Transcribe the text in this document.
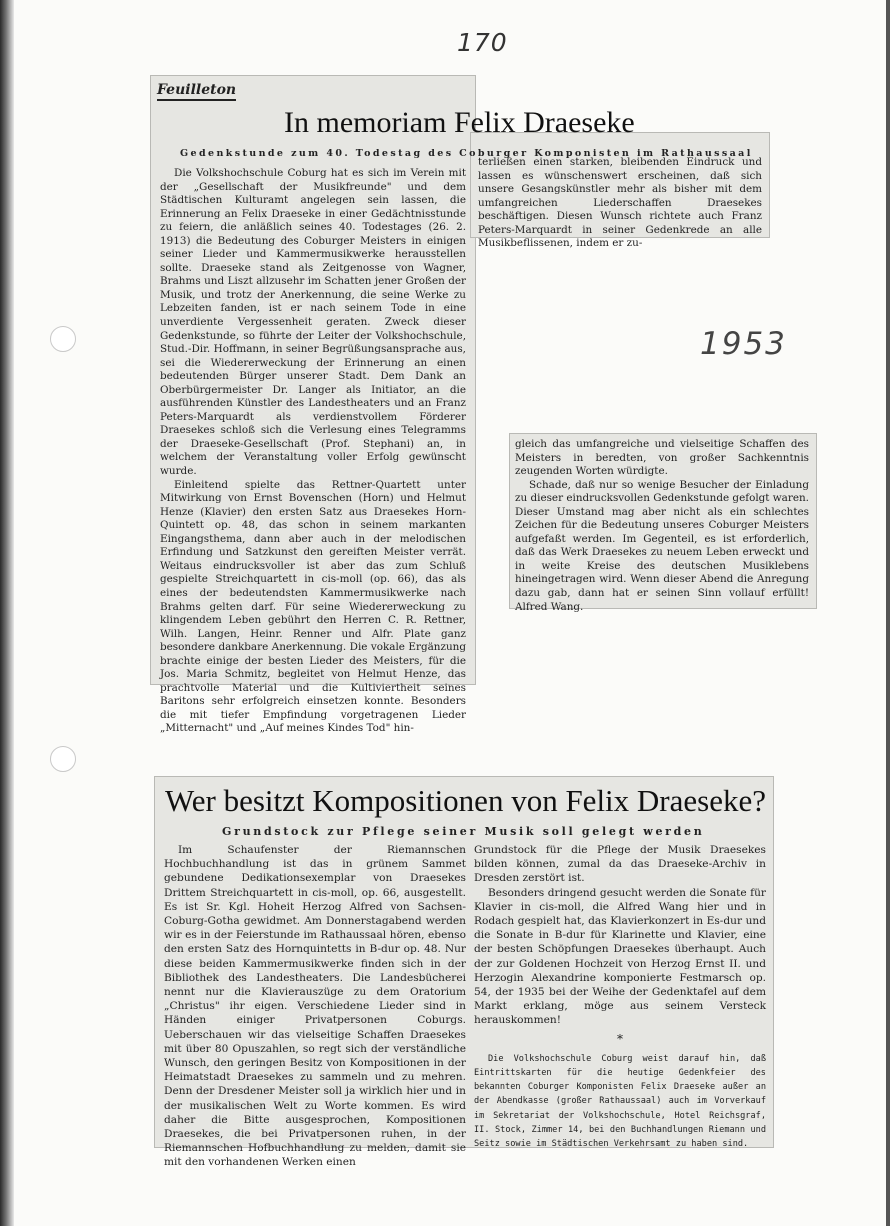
170
1953
Feuilleton
In memoriam Felix Draeseke
Gedenkstunde zum 40. Todestag des Coburger Komponisten im Rathaussaal

Die Volkshochschule Coburg hat es sich im Verein mit der „Gesellschaft der Musikfreunde" und dem Städtischen Kulturamt angelegen sein lassen, die Erinnerung an Felix Draeseke in einer Gedächtnisstunde zu feiern, die anläßlich seines 40. Todestages (26. 2. 1913) die Bedeutung des Coburger Meisters in einigen seiner Lieder und Kammermusikwerke herausstellen sollte. Draeseke stand als Zeitgenosse von Wagner, Brahms und Liszt allzusehr im Schatten jener Großen der Musik, und trotz der Anerkennung, die seine Werke zu Lebzeiten fanden, ist er nach seinem Tode in eine unverdiente Vergessenheit geraten. Zweck dieser Gedenkstunde, so führte der Leiter der Volkshochschule, Stud.-Dir. Hoffmann, in seiner Begrüßungsansprache aus, sei die Wiedererweckung der Erinnerung an einen bedeutenden Bürger unserer Stadt. Dem Dank an Oberbürgermeister Dr. Langer als Initiator, an die ausführenden Künstler des Landestheaters und an Franz Peters-Marquardt als verdienstvollem Förderer Draesekes schloß sich die Verlesung eines Telegramms der Draeseke-Gesellschaft (Prof. Stephani) an, in welchem der Veranstaltung voller Erfolg gewünscht wurde.

Einleitend spielte das Rettner-Quartett unter Mitwirkung von Ernst Bovenschen (Horn) und Helmut Henze (Klavier) den ersten Satz aus Draesekes Horn-Quintett op. 48, das schon in seinem markanten Eingangsthema, dann aber auch in der melodischen Erfindung und Satzkunst den gereiften Meister verrät. Weitaus eindrucksvoller ist aber das zum Schluß gespielte Streichquartett in cis-moll (op. 66), das als eines der bedeutendsten Kammermusikwerke nach Brahms gelten darf. Für seine Wiedererweckung zu klingendem Leben gebührt den Herren C. R. Rettner, Wilh. Langen, Heinr. Renner und Alfr. Plate ganz besondere dankbare Anerkennung. Die vokale Ergänzung brachte einige der besten Lieder des Meisters, für die Jos. Maria Schmitz, begleitet von Helmut Henze, das prachtvolle Material und die Kultiviertheit seines Baritons sehr erfolgreich einsetzen konnte. Besonders die mit tiefer Empfindung vorgetragenen Lieder „Mitternacht" und „Auf meines Kindes Tod" hin-

terließen einen starken, bleibenden Eindruck und lassen es wünschenswert erscheinen, daß sich unsere Gesangskünstler mehr als bisher mit dem umfangreichen Liederschaffen Draesekes beschäftigen. Diesen Wunsch richtete auch Franz Peters-Marquardt in seiner Gedenkrede an alle Musikbeflissenen, indem er zu-

gleich das umfangreiche und vielseitige Schaffen des Meisters in beredten, von großer Sachkenntnis zeugenden Worten würdigte.

Schade, daß nur so wenige Besucher der Einladung zu dieser eindrucksvollen Gedenkstunde gefolgt waren. Dieser Umstand mag aber nicht als ein schlechtes Zeichen für die Bedeutung unseres Coburger Meisters aufgefaßt werden. Im Gegenteil, es ist erforderlich, daß das Werk Draesekes zu neuem Leben erweckt und in weite Kreise des deutschen Musiklebens hineingetragen wird. Wenn dieser Abend die Anregung dazu gab, dann hat er seinen Sinn vollauf erfüllt! Alfred Wang.

Wer besitzt Kompositionen von Felix Draeseke?
Grundstock zur Pflege seiner Musik soll gelegt werden

Im Schaufenster der Riemannschen Hochbuchhandlung ist das in grünem Sammet gebundene Dedikationsexemplar von Draesekes Drittem Streichquartett in cis-moll, op. 66, ausgestellt. Es ist Sr. Kgl. Hoheit Herzog Alfred von Sachsen-Coburg-Gotha gewidmet. Am Donnerstagabend werden wir es in der Feierstunde im Rathaussaal hören, ebenso den ersten Satz des Hornquintetts in B-dur op. 48. Nur diese beiden Kammermusikwerke finden sich in der Bibliothek des Landestheaters. Die Landesbücherei nennt nur die Klavierauszüge zu dem Oratorium „Christus" ihr eigen. Verschiedene Lieder sind in Händen einiger Privatpersonen Coburgs. Ueberschauen wir das vielseitige Schaffen Draesekes mit über 80 Opuszahlen, so regt sich der verständliche Wunsch, den geringen Besitz von Kompositionen in der Heimatstadt Draesekes zu sammeln und zu mehren. Denn der Dresdener Meister soll ja wirklich hier und in der musikalischen Welt zu Worte kommen. Es wird daher die Bitte ausgesprochen, Kompositionen Draesekes, die bei Privatpersonen ruhen, in der Riemannschen Hofbuchhandlung zu melden, damit sie mit den vorhandenen Werken einen

Grundstock für die Pflege der Musik Draesekes bilden können, zumal da das Draeseke-Archiv in Dresden zerstört ist.

Besonders dringend gesucht werden die Sonate für Klavier in cis-moll, die Alfred Wang hier und in Rodach gespielt hat, das Klavierkonzert in Es-dur und die Sonate in B-dur für Klarinette und Klavier, eine der besten Schöpfungen Draesekes überhaupt. Auch der zur Goldenen Hochzeit von Herzog Ernst II. und Herzogin Alexandrine komponierte Festmarsch op. 54, der 1935 bei der Weihe der Gedenktafel auf dem Markt erklang, möge aus seinem Versteck herauskommen!

*

Die Volkshochschule Coburg weist darauf hin, daß Eintrittskarten für die heutige Gedenkfeier des bekannten Coburger Komponisten Felix Draeseke außer an der Abendkasse (großer Rathaussaal) auch im Vorverkauf im Sekretariat der Volkshochschule, Hotel Reichsgraf, II. Stock, Zimmer 14, bei den Buchhandlungen Riemann und Seitz sowie im Städtischen Verkehrsamt zu haben sind.
